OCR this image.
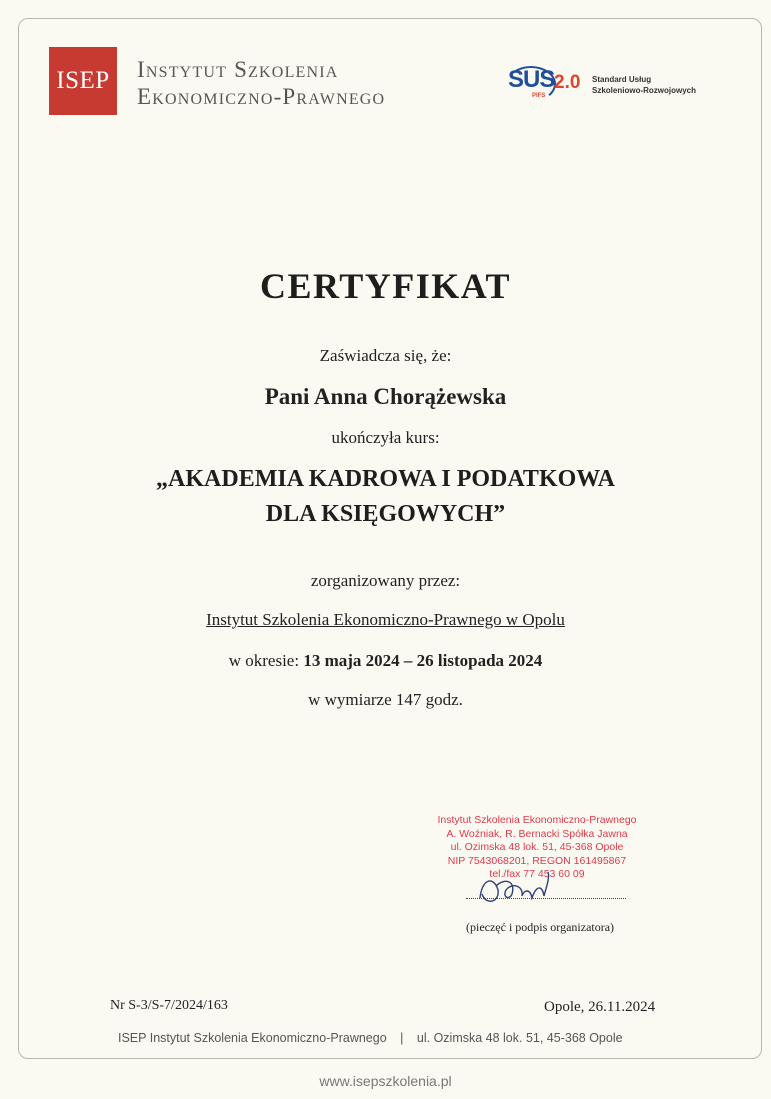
ISEP Instytut Szkolenia
Ekonomiczno-Prawnego
SUS 2.0
PIFS
Standard Usług
Szkoleniowo-Rozwojowych
CERTYFIKAT
Zaświadcza się, że:
Pani Anna Chorążewska
ukończyła kurs:
„AKADEMIA KADROWA I PODATKOWA
DLA KSIĘGOWYCH”
zorganizowany przez:
Instytut Szkolenia Ekonomiczno-Prawnego w Opolu
w okresie: 13 maja 2024 – 26 listopada 2024
w wymiarze 147 godz.
Instytut Szkolenia Ekonomiczno-Prawnego
A. Woźniak, R. Bernacki Spółka Jawna
ul. Ozimska 48 lok. 51, 45-368 Opole
NIP 7543068201, REGON 161495867
tel./fax 77 453 60 09
(pieczęć i podpis organizatora)
Nr S-3/S-7/2024/163	Opole, 26.11.2024
ISEP Instytut Szkolenia Ekonomiczno-Prawnego | ul. Ozimska 48 lok. 51, 45-368 Opole
www.isepszkolenia.pl
